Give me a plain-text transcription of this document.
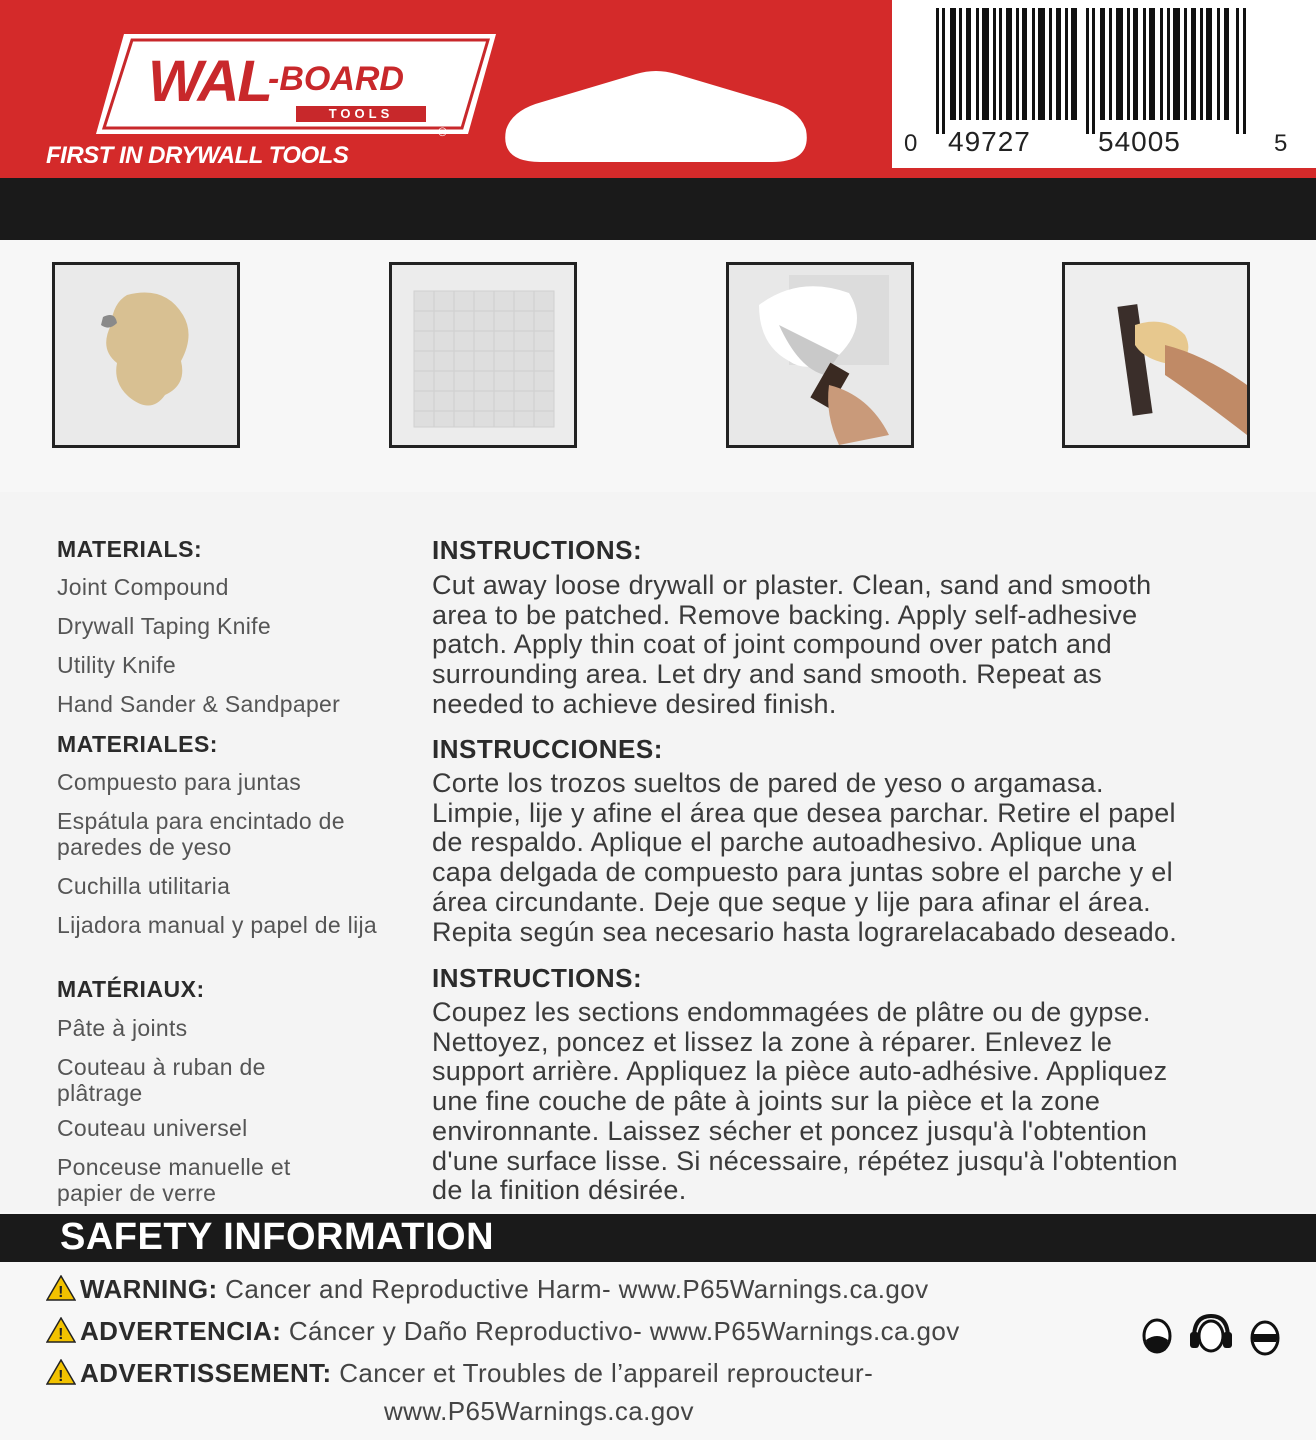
WAL
-BOARD
TOOLS
®
FIRST IN DRYWALL TOOLS	0 49727 54005	5
MATERIALS:
Joint Compound
Drywall Taping Knife
Utility Knife
Hand Sander & Sandpaper
MATERIALES:
Compuesto para juntas
Espátula para encintado de paredes de yeso
Cuchilla utilitaria
Lijadora manual y papel de lija
MATÉRIAUX:
Pâte à joints
Couteau à ruban de plâtrage
Couteau universel
Ponceuse manuelle et papier de verre
INSTRUCTIONS:
Cut away loose drywall or plaster. Clean, sand and smooth
area to be patched. Remove backing. Apply self-adhesive
patch. Apply thin coat of joint compound over patch and
surrounding area. Let dry and sand smooth. Repeat as
needed to achieve desired finish.
INSTRUCCIONES:
Corte los trozos sueltos de pared de yeso o argamasa.
Limpie, lije y afine el área que desea parchar. Retire el papel
de respaldo. Aplique el parche autoadhesivo. Aplique una
capa delgada de compuesto para juntas sobre el parche y el
área circundante. Deje que seque y lije para afinar el área.
Repita según sea necesario hasta lograrelacabado deseado.
INSTRUCTIONS:
Coupez les sections endommagées de plâtre ou de gypse.
Nettoyez, poncez et lissez la zone à réparer. Enlevez le
support arrière. Appliquez la pièce auto-adhésive. Appliquez
une fine couche de pâte à joints sur la pièce et la zone
environnante. Laissez sécher et poncez jusqu'à l'obtention
d'une surface lisse. Si nécessaire, répétez jusqu'à l'obtention
de la finition désirée.
SAFETY INFORMATION
! WARNING: Cancer and Reproductive Harm- www.P65Warnings.ca.gov
! ADVERTENCIA: Cáncer y Daño Reproductivo- www.P65Warnings.ca.gov
! ADVERTISSEMENT: Cancer et Troubles de l’appareil reproucteur-
www.P65Warnings.ca.gov
